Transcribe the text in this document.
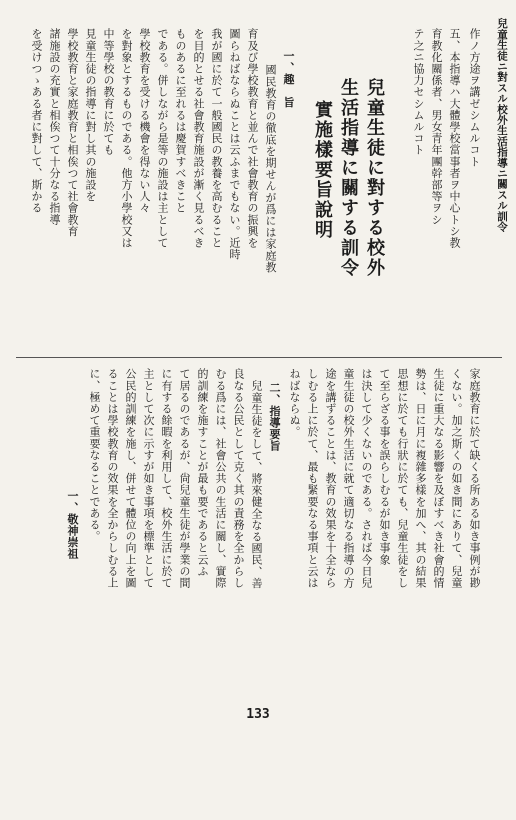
兒童生徒ニ對スル校外生活指導ニ關スル訓令
作ノ方途ヲ講ゼシムルコト
五、本指導ハ大體學校當事者ヲ中心トシ教
育教化關係者、男女青年團幹部等ヲシ
テ之ニ協力セシムルコト
兒童生徒に對する校外
生活指導に關する訓令
實施樣要旨說明
一、趣　旨
國民教育の徹底を期せんが爲には家庭教
育及び學校教育と並んで社會教育の振興を
圖らねばならぬことは云ふまでもない。近時
我が國に於て一般國民の教養を高むること
を目的とせる社會教育施設が漸く見るべき
ものあるに至れるは慶賀すべきこと
である。併しながら是等の施設は主として
學校教育を受ける機會を得ない人々
を對象とするものである。他方小學校又は
中等學校の教育に於ても
見童生徒の指導に對し其の施設を
學校教育と家庭教育と相俟つて社會教育
諸施設の充實と相俟つて十分なる指導
を受けつゝある者に對して、斯かる
家庭教育に於て缺くる所ある如き事例が尠
くない。加之斯くの如き間にありて、兒童
生徒に重大なる影響を及ぼすべき社會的情
勢は、日に月に複雜多樣を加へ、其の結果
思想に於ても行狀に於ても、兒童生徒をし
て至らざる事を誤らしむるが如き事象
は決して少くないのである。されば今日兒
童生徒の校外生活に就て適切なる指導の方
途を講ずることは、教育の效果を十全なら
しむる上に於て、最も緊要なる事項と云は
ねばならぬ。
二、指導要旨
兒童生徒をして、將來健全なる國民、善
良なる公民として克く其の責務を全からし
むる爲には、社會公共の生活に關し、實際
的訓練を施すことが最も要であると云ふ
て居るのであるが、尙兒童生徒が學業の間
に有する餘暇を利用して、校外生活に於て
主として次に示すが如き事項を標準として
公民的訓練を施し、併せて體位の向上を圖
ることは學校教育の效果を全からしむる上
に、極めて重要なることである。
一、敬神崇祖
133
